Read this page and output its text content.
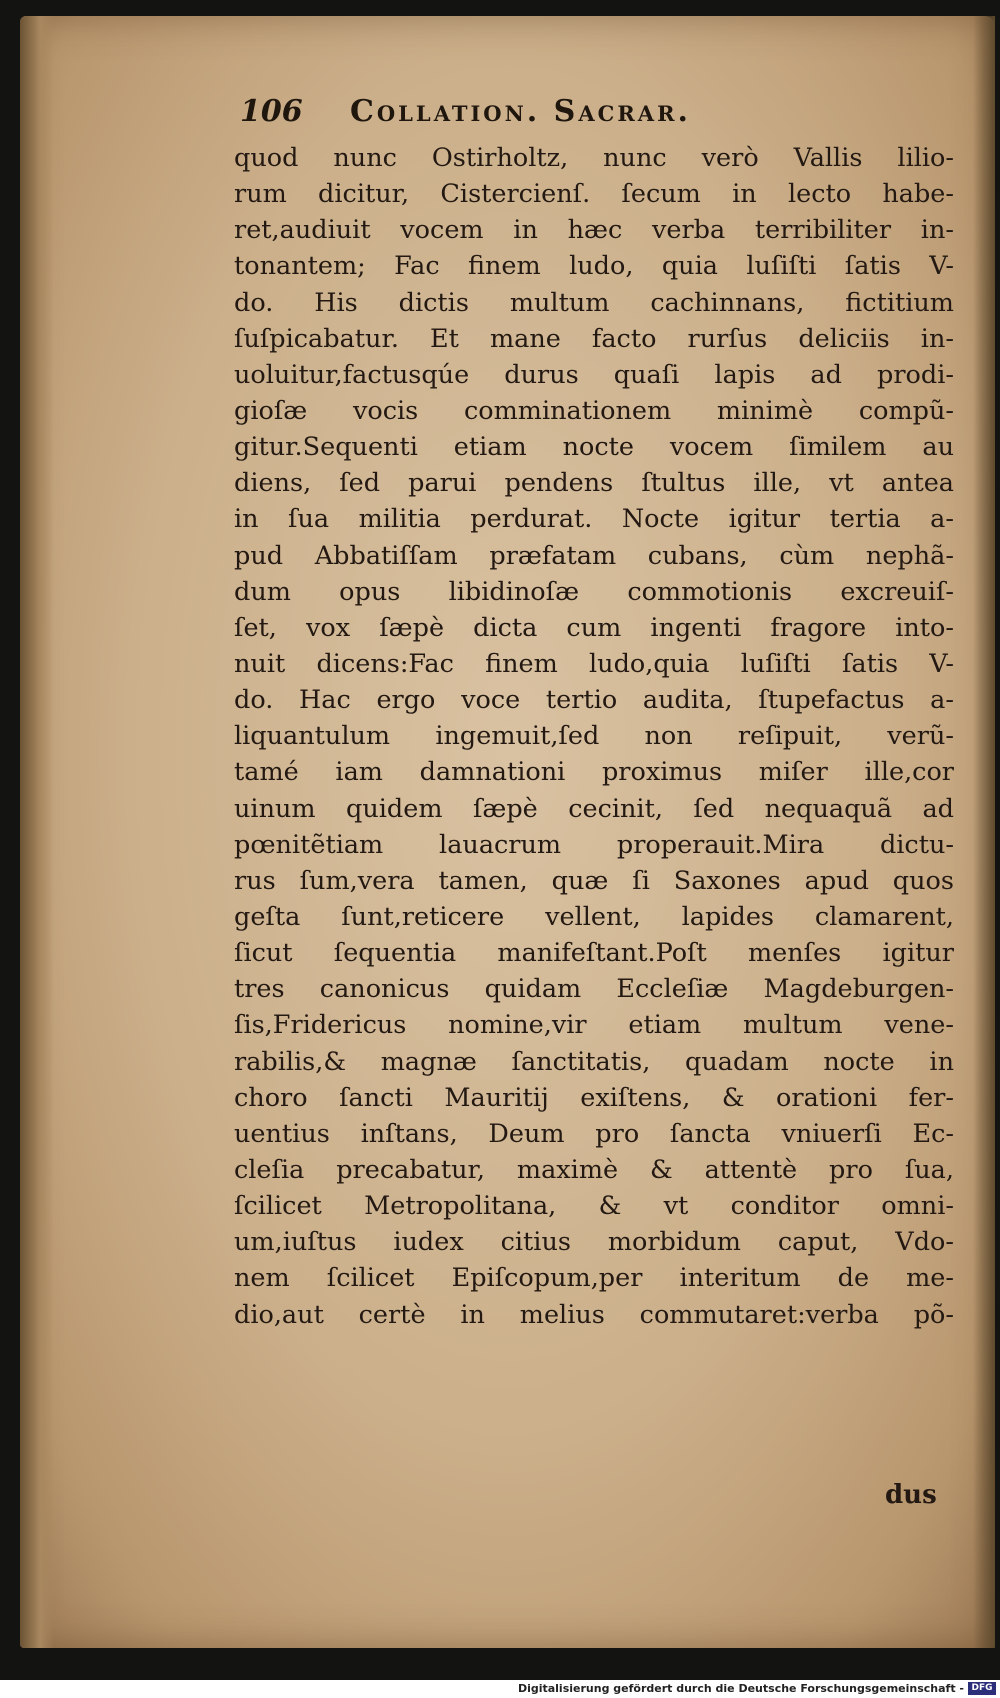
106 Collation. Sacrar.
quod nunc Ostirholtz, nunc verò Vallis lilio-
rum dicitur, Cistercienſ. ſecum in lecto habe-
ret,audiuit vocem in hæc verba terribiliter in-
tonantem; Fac finem ludo, quia luſiſti ſatis V-
do. His dictis multum cachinnans, fictitium
ſuſpicabatur. Et mane facto rurſus deliciis in-
uoluitur,factusqúe durus quaſi lapis ad prodi-
gioſæ vocis comminationem minimè compũ-
gitur.Sequenti etiam nocte vocem ſimilem au
diens, ſed parui pendens ſtultus ille, vt antea
in ſua militia perdurat. Nocte igitur tertia a-
pud Abbatiſſam præfatam cubans, cùm nephã-
dum opus libidinoſæ commotionis excreuiſ-
ſet, vox ſæpè dicta cum ingenti fragore into-
nuit dicens:Fac finem ludo,quia luſiſti ſatis V-
do. Hac ergo voce tertio audita, ſtupefactus a-
liquantulum ingemuit,ſed non reſipuit, verũ-
tamé iam damnationi proximus miſer ille,cor
uinum quidem ſæpè cecinit, ſed nequaquã ad
pœnitẽtiam lauacrum properauit.Mira dictu-
rus ſum,vera tamen, quæ ſi Saxones apud quos
geſta ſunt,reticere vellent, lapides clamarent,
ſicut ſequentia manifeſtant.Poſt menſes igitur
tres canonicus quidam Eccleſiæ Magdeburgen-
ſis,Fridericus nomine,vir etiam multum vene-
rabilis,& magnæ ſanctitatis, quadam nocte in
choro ſancti Mauritij exiſtens, & orationi fer-
uentius inſtans, Deum pro ſancta vniuerſi Ec-
cleſia precabatur, maximè & attentè pro ſua,
ſcilicet Metropolitana, & vt conditor omni-
um,iuſtus iudex citius morbidum caput, Vdo-
nem ſcilicet Epiſcopum,per interitum de me-
dio,aut certè in melius commutaret:verba põ-
dus
Digitalisierung gefördert durch die Deutsche Forschungsgemeinschaft - DFG
